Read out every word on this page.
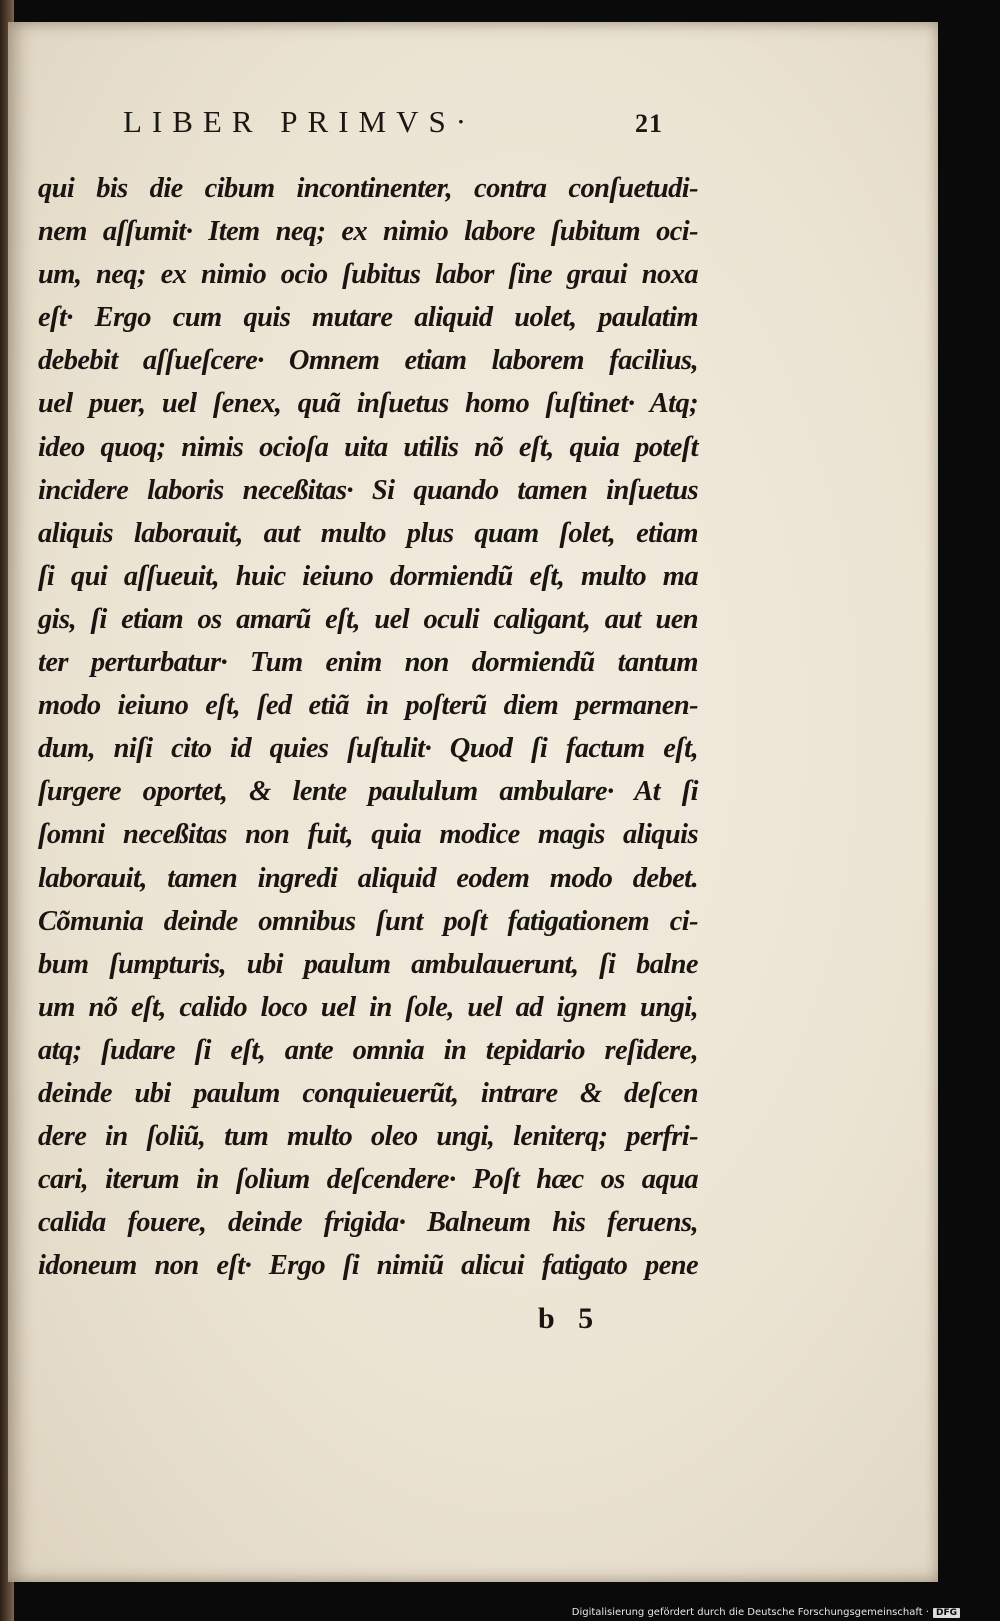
LIBER PRIMVS·	21
qui bis die cibum incontinenter, contra conſuetudi-
nem aſſumit· Item neq; ex nimio labore ſubitum oci-
um, neq; ex nimio ocio ſubitus labor ſine graui noxa
eſt· Ergo cum quis mutare aliquid uolet, paulatim
debebit aſſueſcere· Omnem etiam laborem facilius,
uel puer, uel ſenex, quã inſuetus homo ſuſtinet· Atq;
ideo quoq; nimis ocioſa uita utilis nõ eſt, quia poteſt
incidere laboris neceßitas· Si quando tamen inſuetus
aliquis laborauit, aut multo plus quam ſolet, etiam
ſi qui aſſueuit, huic ieiuno dormiendũ eſt, multo ma
gis, ſi etiam os amarũ eſt, uel oculi caligant, aut uen
ter perturbatur· Tum enim non dormiendũ tantum
modo ieiuno eſt, ſed etiã in poſterũ diem permanen-
dum, niſi cito id quies ſuſtulit· Quod ſi factum eſt,
ſurgere oportet, & lente paululum ambulare· At ſi
ſomni neceßitas non fuit, quia modice magis aliquis
laborauit, tamen ingredi aliquid eodem modo debet.
Cõmunia deinde omnibus ſunt poſt fatigationem ci-
bum ſumpturis, ubi paulum ambulauerunt, ſi balne
um nõ eſt, calido loco uel in ſole, uel ad ignem ungi,
atq; ſudare ſi eſt, ante omnia in tepidario reſidere,
deinde ubi paulum conquieuerũt, intrare & deſcen
dere in ſoliũ, tum multo oleo ungi, leniterq; perfri-
cari, iterum in ſolium deſcendere· Poſt hæc os aqua
calida fouere, deinde frigida· Balneum his feruens,
idoneum non eſt· Ergo ſi nimiũ alicui fatigato pene
b 5
Digitalisierung gefördert durch die Deutsche Forschungsgemeinschaft · DFG
